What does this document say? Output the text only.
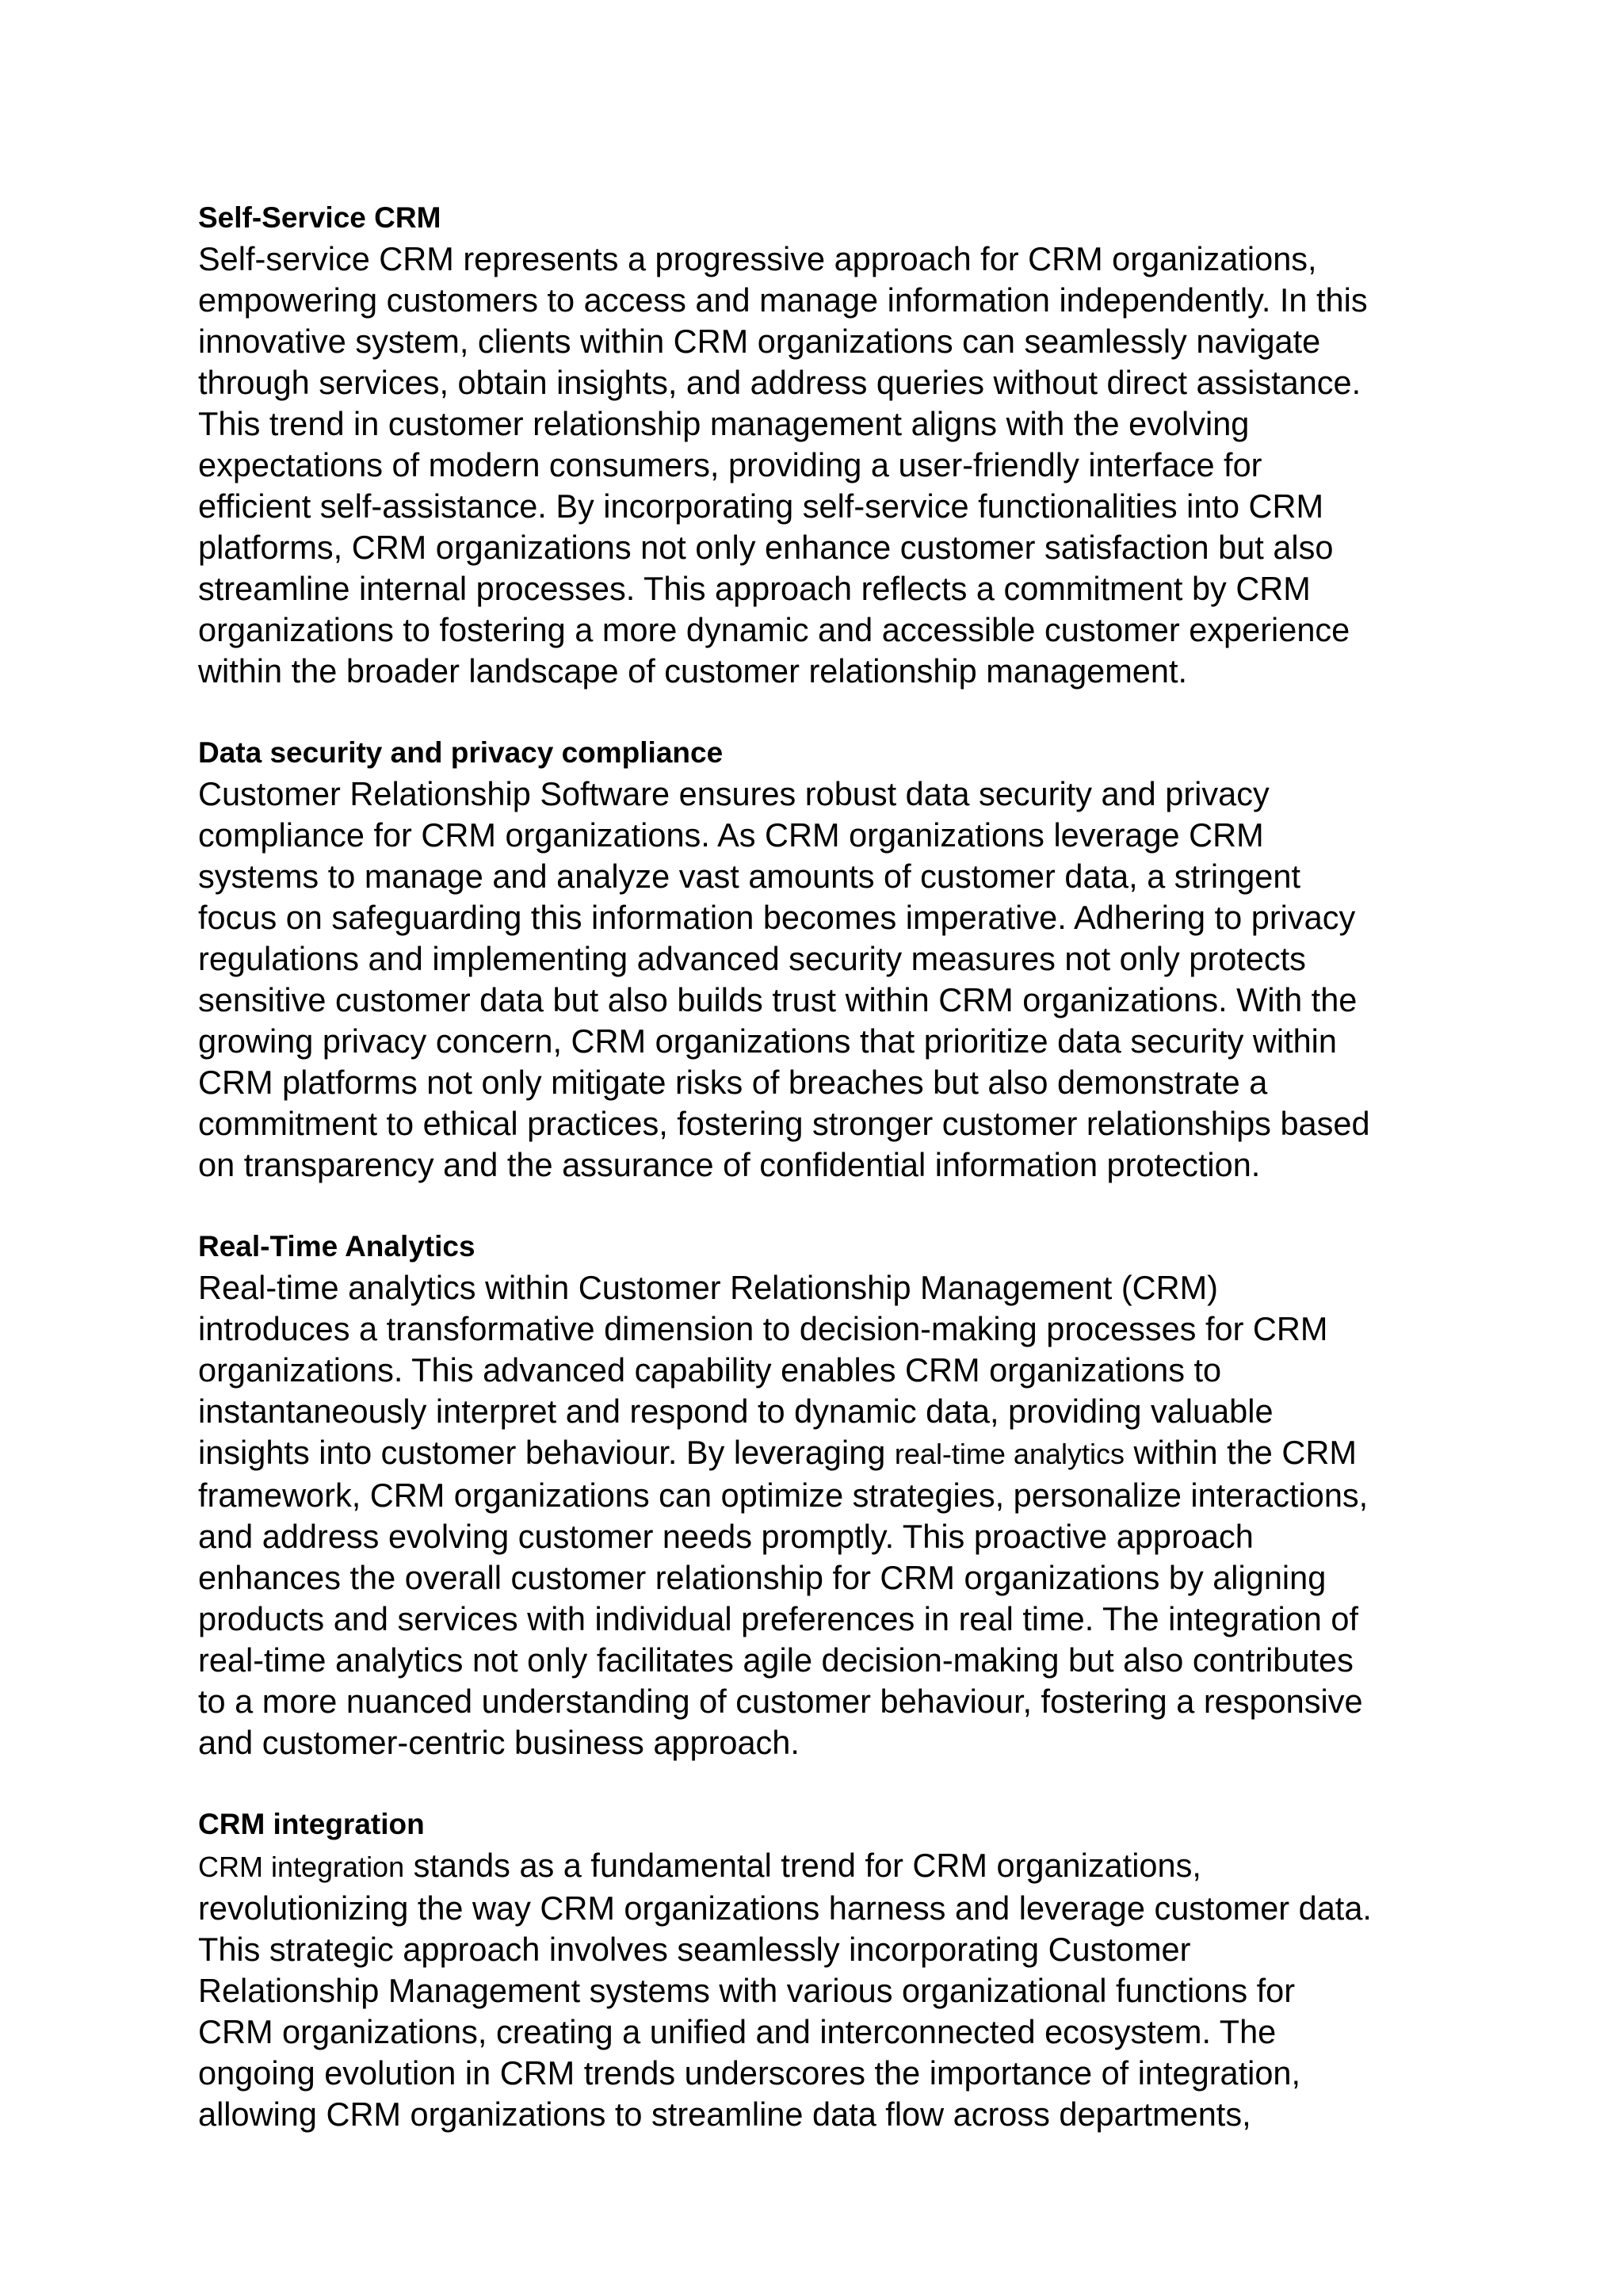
Self-Service CRM
Self-service CRM represents a progressive approach for CRM organizations,
empowering customers to access and manage information independently. In this
innovative system, clients within CRM organizations can seamlessly navigate
through services, obtain insights, and address queries without direct assistance.
This trend in customer relationship management aligns with the evolving
expectations of modern consumers, providing a user-friendly interface for
efficient self-assistance. By incorporating self-service functionalities into CRM
platforms, CRM organizations not only enhance customer satisfaction but also
streamline internal processes. This approach reflects a commitment by CRM
organizations to fostering a more dynamic and accessible customer experience
within the broader landscape of customer relationship management.
Data security and privacy compliance
Customer Relationship Software ensures robust data security and privacy
compliance for CRM organizations. As CRM organizations leverage CRM
systems to manage and analyze vast amounts of customer data, a stringent
focus on safeguarding this information becomes imperative. Adhering to privacy
regulations and implementing advanced security measures not only protects
sensitive customer data but also builds trust within CRM organizations. With the
growing privacy concern, CRM organizations that prioritize data security within
CRM platforms not only mitigate risks of breaches but also demonstrate a
commitment to ethical practices, fostering stronger customer relationships based
on transparency and the assurance of confidential information protection.
Real-Time Analytics
Real-time analytics within Customer Relationship Management (CRM)
introduces a transformative dimension to decision-making processes for CRM
organizations. This advanced capability enables CRM organizations to
instantaneously interpret and respond to dynamic data, providing valuable
insights into customer behaviour. By leveraging real-time analytics within the CRM
framework, CRM organizations can optimize strategies, personalize interactions,
and address evolving customer needs promptly. This proactive approach
enhances the overall customer relationship for CRM organizations by aligning
products and services with individual preferences in real time. The integration of
real-time analytics not only facilitates agile decision-making but also contributes
to a more nuanced understanding of customer behaviour, fostering a responsive
and customer-centric business approach.
CRM integration
CRM integration stands as a fundamental trend for CRM organizations,
revolutionizing the way CRM organizations harness and leverage customer data.
This strategic approach involves seamlessly incorporating Customer
Relationship Management systems with various organizational functions for
CRM organizations, creating a unified and interconnected ecosystem. The
ongoing evolution in CRM trends underscores the importance of integration,
allowing CRM organizations to streamline data flow across departments,
